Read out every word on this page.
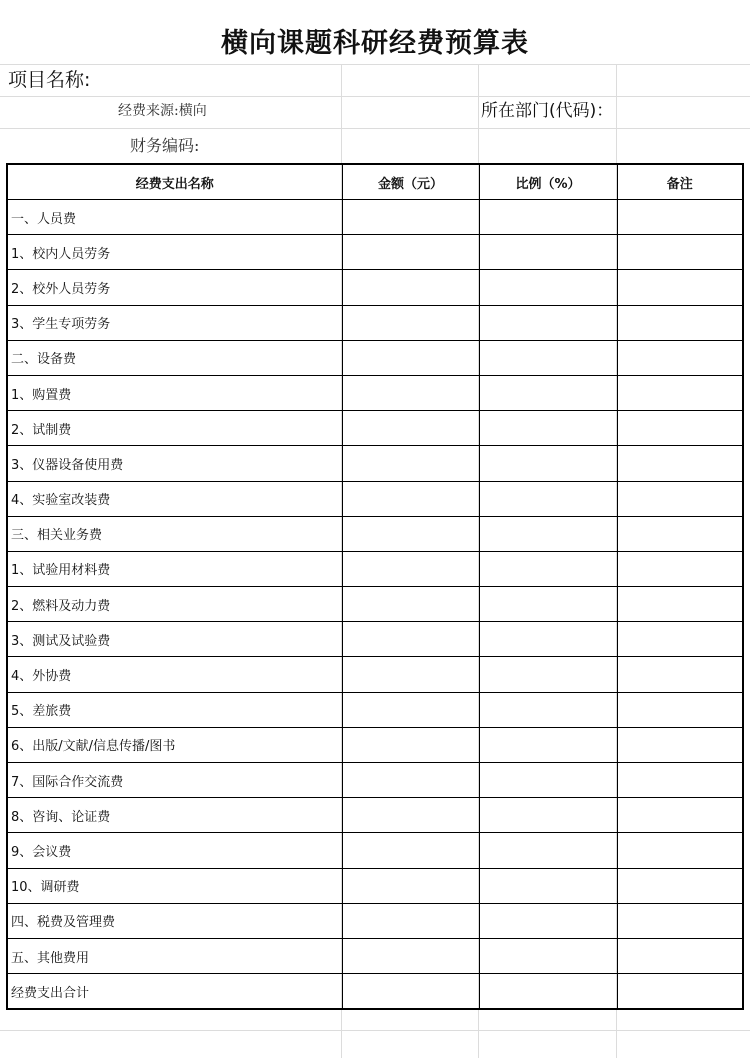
横向课题科研经费预算表
项目名称:
经费来源:横向	所在部门(代码)：
财务编码:
经费支出名称	金额（元）	比例（%）	备注
一、人员费			
1、校内人员劳务			
2、校外人员劳务			
3、学生专项劳务			
二、设备费			
1、购置费			
2、试制费			
3、仪器设备使用费			
4、实验室改装费			
三、相关业务费			
1、试验用材料费			
2、燃料及动力费			
3、测试及试验费			
4、外协费			
5、差旅费			
6、出版/文献/信息传播/图书			
7、国际合作交流费			
8、咨询、论证费			
9、会议费			
10、调研费			
四、税费及管理费			
五、其他费用			
经费支出合计			
